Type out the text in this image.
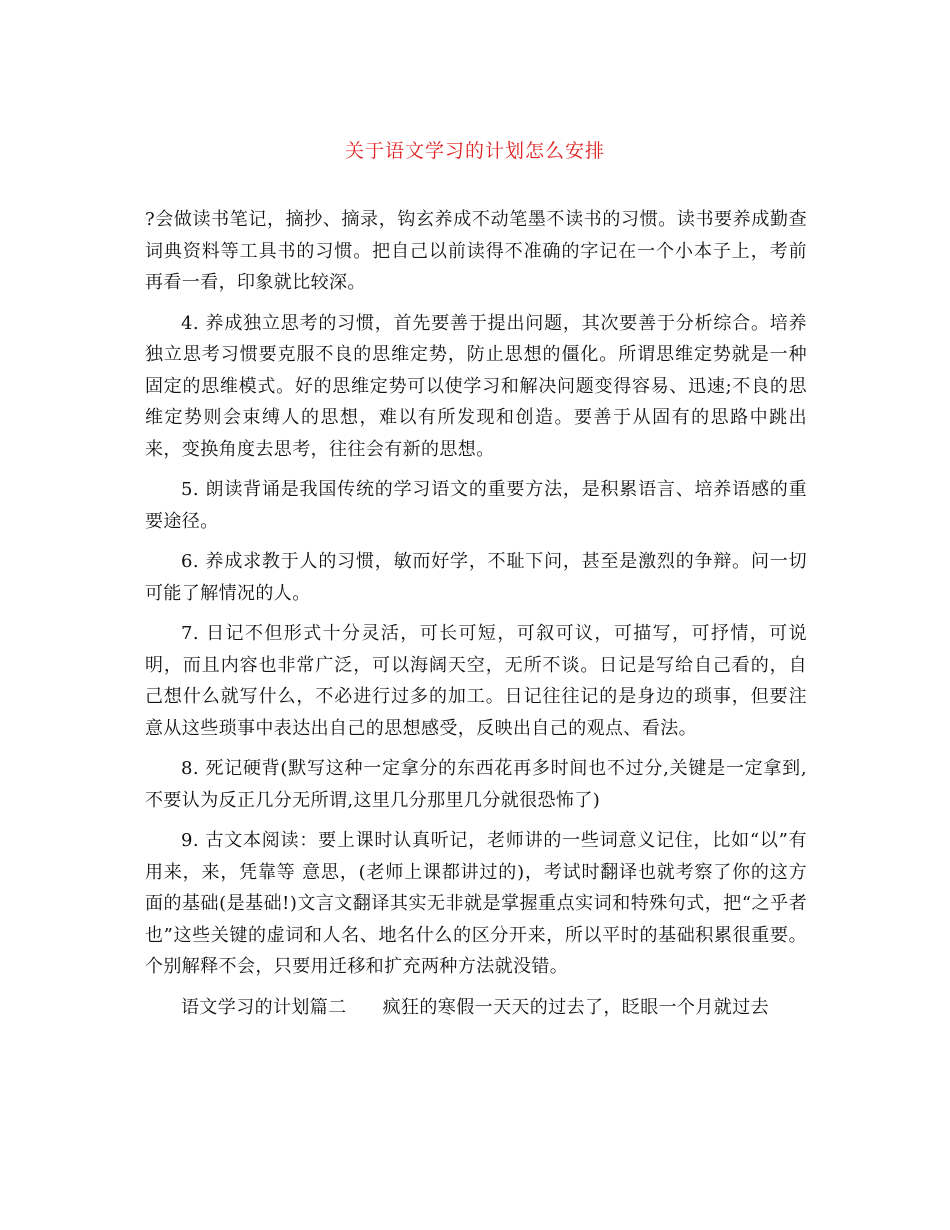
关于语文学习的计划怎么安排

?会做读书笔记，摘抄、摘录，钩玄养成不动笔墨不读书的习惯。读书要养成勤查词典资料等工具书的习惯。把自己以前读得不准确的字记在一个小本子上，考前再看一看，印象就比较深。

4. 养成独立思考的习惯，首先要善于提出问题，其次要善于分析综合。培养独立思考习惯要克服不良的思维定势，防止思想的僵化。所谓思维定势就是一种固定的思维模式。好的思维定势可以使学习和解决问题变得容易、迅速;不良的思维定势则会束缚人的思想，难以有所发现和创造。要善于从固有的思路中跳出来，变换角度去思考，往往会有新的思想。

5. 朗读背诵是我国传统的学习语文的重要方法，是积累语言、培养语感的重要途径。

6. 养成求教于人的习惯，敏而好学，不耻下问，甚至是激烈的争辩。问一切可能了解情况的人。

7. 日记不但形式十分灵活，可长可短，可叙可议，可描写，可抒情，可说明，而且内容也非常广泛，可以海阔天空，无所不谈。日记是写给自己看的，自己想什么就写什么，不必进行过多的加工。日记往往记的是身边的琐事，但要注意从这些琐事中表达出自己的思想感受，反映出自己的观点、看法。

8. 死记硬背(默写这种一定拿分的东西花再多时间也不过分,关键是一定拿到,不要认为反正几分无所谓,这里几分那里几分就很恐怖了)

9. 古文本阅读：要上课时认真听记，老师讲的一些词意义记住，比如“以”有用来，来，凭靠等 意思，(老师上课都讲过的)，考试时翻译也就考察了你的这方面的基础(是基础!)文言文翻译其实无非就是掌握重点实词和特殊句式，把“之乎者也”这些关键的虚词和人名、地名什么的区分开来，所以平时的基础积累很重要。个别解释不会，只要用迁移和扩充两种方法就没错。

语文学习的计划篇二 疯狂的寒假一天天的过去了，眨眼一个月就过去
